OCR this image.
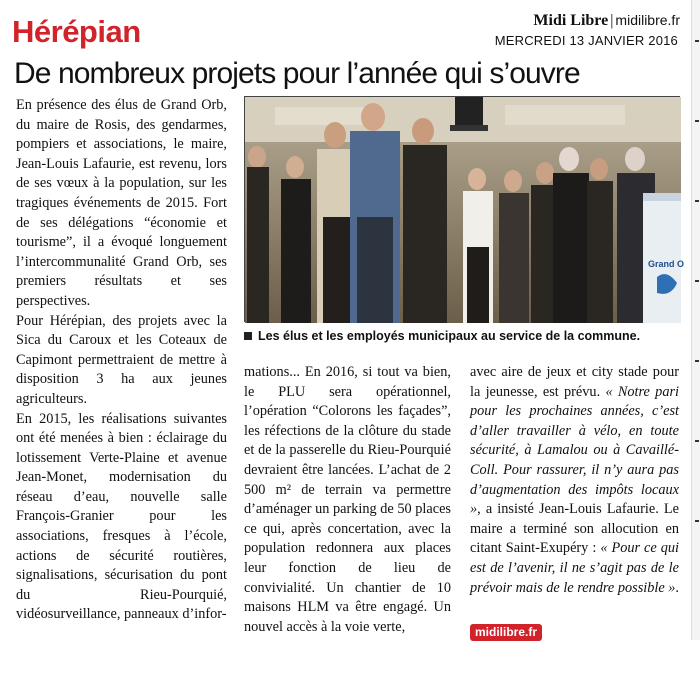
Hérépian	Midi Libre | midilibre.fr
MERCREDI 13 JANVIER 2016
De nombreux projets pour l’année qui s’ouvre

En présence des élus de Grand Orb, du maire de Rosis, des gendarmes, pompiers et associations, le maire, Jean-Louis Lafaurie, est revenu, lors de ses vœux à la population, sur les tragiques événements de 2015. Fort de ses délégations “économie et tourisme”, il a évoqué longuement l’intercommunalité Grand Orb, ses premiers résultats et ses perspectives.

Pour Hérépian, des projets avec la Sica du Caroux et les Coteaux de Capimont permettraient de mettre à disposition 3 ha aux jeunes agriculteurs.

En 2015, les réalisations suivantes ont été menées à bien : éclairage du lotissement Verte-Plaine et avenue Jean-Monet, modernisation du réseau d’eau, nouvelle salle François-Granier pour les associations, fresques à l’école, actions de sécurité routières, signalisations, sécurisation du pont du Rieu-Pourquié, vidéosurveillance, panneaux d’infor-

Grand O
Les élus et les employés municipaux au service de la commune.

mations... En 2016, si tout va bien, le PLU sera opérationnel, l’opération “Colorons les façades”, les réfections de la clôture du stade et de la passerelle du Rieu-Pourquié devraient être lancées. L’achat de 2 500 m² de terrain va permettre d’aménager un parking de 50 places ce qui, après concertation, avec la population redonnera aux places leur fonction de lieu de convivialité. Un chantier de 10 maisons HLM va être engagé. Un nouvel accès à la voie verte,

avec aire de jeux et city stade pour la jeunesse, est prévu. « Notre pari pour les prochaines années, c’est d’aller travailler à vélo, en toute sécurité, à Lamalou ou à Cavaillé-Coll. Pour rassurer, il n’y aura pas d’augmentation des impôts locaux », a insisté Jean-Louis Lafaurie. Le maire a terminé son allocution en citant Saint-Exupéry : « Pour ce qui est de l’avenir, il ne s’agit pas de le prévoir mais de le rendre possible ».

midilibre.fr
